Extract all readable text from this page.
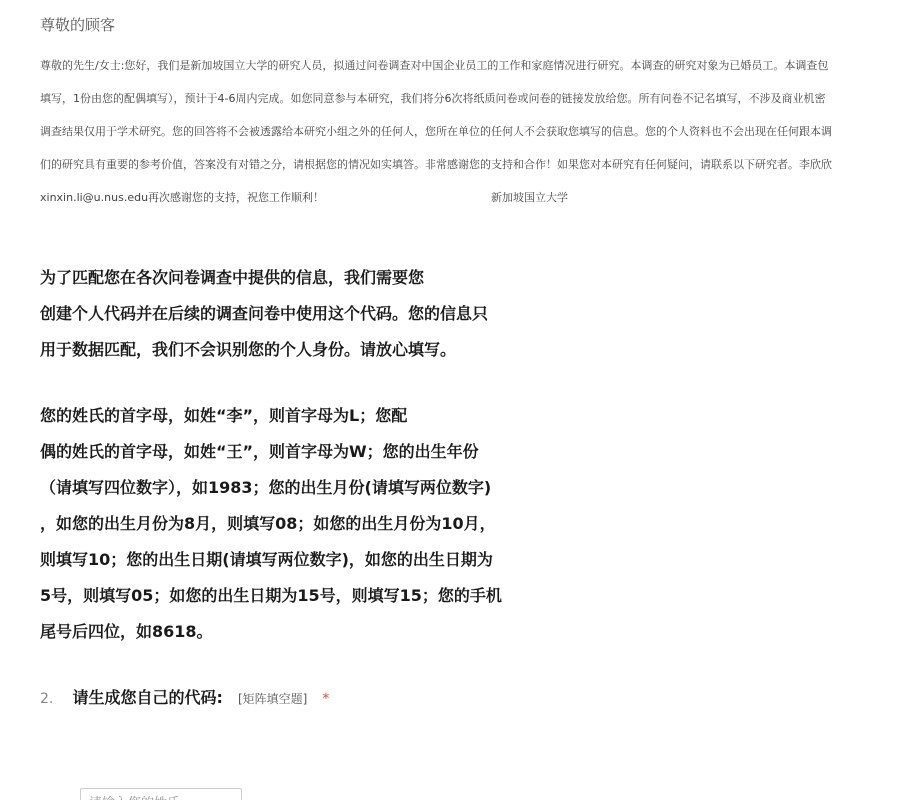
尊敬的顾客
尊敬的先生/女士:您好，我们是新加坡国立大学的研究人员，拟通过问卷调查对中国企业员工的工作和家庭情况进行研究。本调查的研究对象为已婚员工。本调查包
填写，1份由您的配偶填写），预计于4-6周内完成。如您同意参与本研究，我们将分6次将纸质问卷或问卷的链接发放给您。所有问卷不记名填写，不涉及商业机密
调查结果仅用于学术研究。您的回答将不会被透露给本研究小组之外的任何人，您所在单位的任何人不会获取您填写的信息。您的个人资料也不会出现在任何跟本调
们的研究具有重要的参考价值，答案没有对错之分，请根据您的情况如实填答。非常感谢您的支持和合作！如果您对本研究有任何疑问，请联系以下研究者。李欣欣
xinxin.li@u.nus.edu再次感谢您的支持，祝您工作顺利！	新加坡国立大学
为了匹配您在各次问卷调查中提供的信息，我们需要您
创建个人代码并在后续的调查问卷中使用这个代码。您的信息只
用于数据匹配，我们不会识别您的个人身份。请放心填写。
您的姓氏的首字母，如姓“李”，则首字母为L；您配
偶的姓氏的首字母，如姓“王”，则首字母为W；您的出生年份
（请填写四位数字），如1983；您的出生月份(请填写两位数字)
，如您的出生月份为8月，则填写08；如您的出生月份为10月，
则填写10；您的出生日期(请填写两位数字)，如您的出生日期为
5号，则填写05；如您的出生日期为15号，则填写15；您的手机
尾号后四位，如8618。
2. 请生成您自己的代码: [矩阵填空题] *
请输入您的姓氏
